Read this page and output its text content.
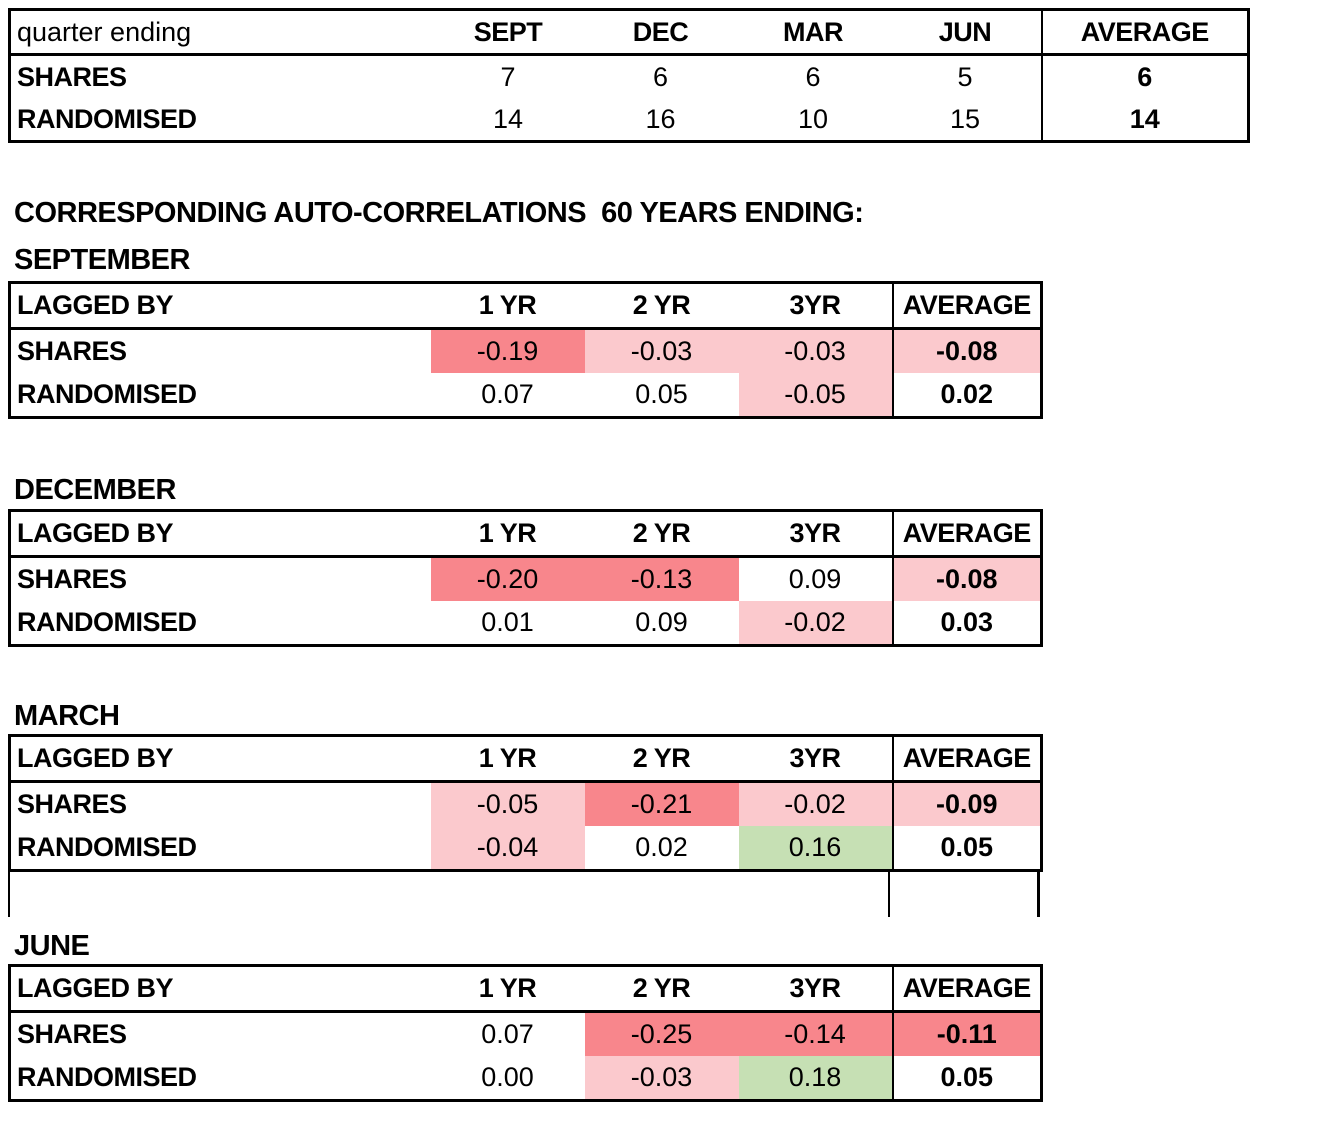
quarter ending	SEPT	DEC	MAR	JUN	AVERAGE
SHARES	7	6	6	5	6
RANDOMISED	14	16	10	15	14
CORRESPONDING AUTO-CORRELATIONS  60 YEARS ENDING:
SEPTEMBER
LAGGED BY	1 YR	2 YR	3YR	AVERAGE
SHARES	-0.19	-0.03	-0.03	-0.08
RANDOMISED	0.07	0.05	-0.05	0.02
DECEMBER
LAGGED BY	1 YR	2 YR	3YR	AVERAGE
SHARES	-0.20	-0.13	0.09	-0.08
RANDOMISED	0.01	0.09	-0.02	0.03
MARCH
LAGGED BY	1 YR	2 YR	3YR	AVERAGE
SHARES	-0.05	-0.21	-0.02	-0.09
RANDOMISED	-0.04	0.02	0.16	0.05
JUNE
LAGGED BY	1 YR	2 YR	3YR	AVERAGE
SHARES	0.07	-0.25	-0.14	-0.11
RANDOMISED	0.00	-0.03	0.18	0.05
